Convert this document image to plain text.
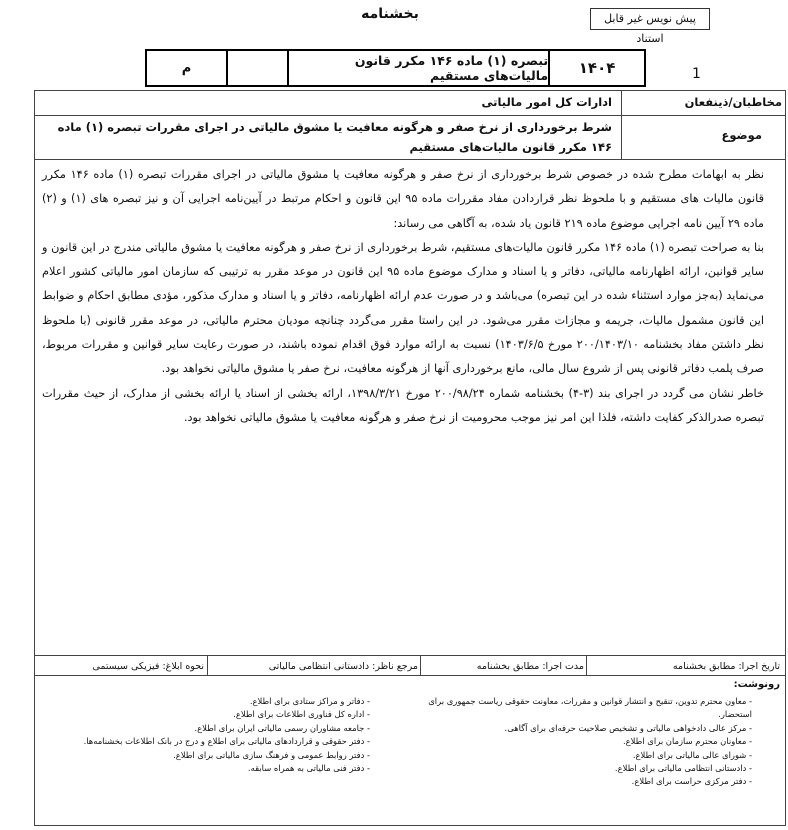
بخشنامه	پیش نویس غیر قابل استناد
۱۴۰۴
تبصره (۱) ماده ۱۴۶ مکرر قانون مالیات‌های مستقیم
م	1
مخاطبان/ذینفعان
ادارات کل امور مالیاتی
موضوع
شرط برخورداری از نرخ صفر و هرگونه معافیت یا مشوق مالیاتی در اجرای مقررات تبصره (۱) ماده ۱۴۶ مکرر قانون مالیات‌های مستقیم

نظر به ابهامات مطرح شده در خصوص شرط برخورداری از نرخ صفر و هرگونه معافیت یا مشوق مالیاتی در اجرای مقررات تبصره (۱) ماده ۱۴۶ مکرر قانون مالیات های مستقیم و با ملحوظ نظر قراردادن مفاد مقررات ماده ۹۵ این قانون و احکام مرتبط در آیین‌نامه اجرایی آن و نیز تبصره های (۱) و (۲) ماده ۲۹ آیین نامه اجرایی موضوع ماده ۲۱۹ قانون یاد شده، به آگاهی می رساند:

بنا به صراحت تبصره (۱) ماده ۱۴۶ مکرر قانون مالیات‌های مستقیم، شرط برخورداری از نرخ صفر و هرگونه معافیت یا مشوق مالیاتی مندرج در این قانون و سایر قوانین، ارائه اظهارنامه مالیاتی، دفاتر و یا اسناد و مدارک موضوع ماده ۹۵ این قانون در موعد مقرر به ترتیبی که سازمان امور مالیاتی کشور اعلام می‌نماید (به‌جز موارد استثناء شده در این تبصره) می‌باشد و در صورت عدم ارائه اظهارنامه، دفاتر و یا اسناد و مدارک مذکور، مؤدی مطابق احکام و ضوابط این قانون مشمول مالیات، جریمه و مجازات مقرر می‌شود. در این راستا مقرر می‌گردد چنانچه مودیان محترم مالیاتی، در موعد مقرر قانونی (با ملحوظ نظر داشتن مفاد بخشنامه ۲۰۰/۱۴۰۳/۱۰ مورخ ۱۴۰۳/۶/۵) نسبت به ارائه موارد فوق اقدام نموده باشند، در صورت رعایت سایر قوانین و مقررات مربوط، صرف پلمب دفاتر قانونی پس از شروع سال مالی، مانع برخورداری آنها از هرگونه معافیت، نرخ صفر یا مشوق مالیاتی نخواهد بود.

خاطر نشان می گردد در اجرای بند (۳-۴) بخشنامه شماره ۲۰۰/۹۸/۲۴ مورخ ۱۳۹۸/۳/۲۱، ارائه بخشی از اسناد یا ارائه بخشی از مدارک، از حیث مقررات تبصره صدرالذکر کفایت داشته، فلذا این امر نیز موجب محرومیت از نرخ صفر و هرگونه معافیت یا مشوق مالیاتی نخواهد بود.

تاریخ اجرا: مطابق بخشنامه
مدت اجرا: مطابق بخشنامه
مرجع ناظر: دادستانی انتظامی مالیاتی
نحوه ابلاغ: فیزیکی سیستمی
رونوشت:
- معاون محترم تدوین، تنقیح و انتشار قوانین و مقررات، معاونت حقوقی ریاست جمهوری برای استحضار.
- مرکز عالی دادخواهی مالیاتی و تشخیص صلاحیت حرفه‌ای برای آگاهی.
- معاونان محترم سازمان برای اطلاع.
- شورای عالی مالیاتی برای اطلاع.
- دادستانی انتظامی مالیاتی برای اطلاع.
- دفتر مرکزی حراست برای اطلاع.
- دفاتر و مراکز ستادی برای اطلاع.
- اداره کل فناوری اطلاعات برای اطلاع.
- جامعه مشاوران رسمی مالیاتی ایران برای اطلاع.
- دفتر حقوقی و قراردادهای مالیاتی برای اطلاع و درج در بانک اطلاعات بخشنامه‌ها.
- دفتر روابط عمومی و فرهنگ سازی مالیاتی برای اطلاع.
- دفتر فنی مالیاتی به همراه سابقه.
